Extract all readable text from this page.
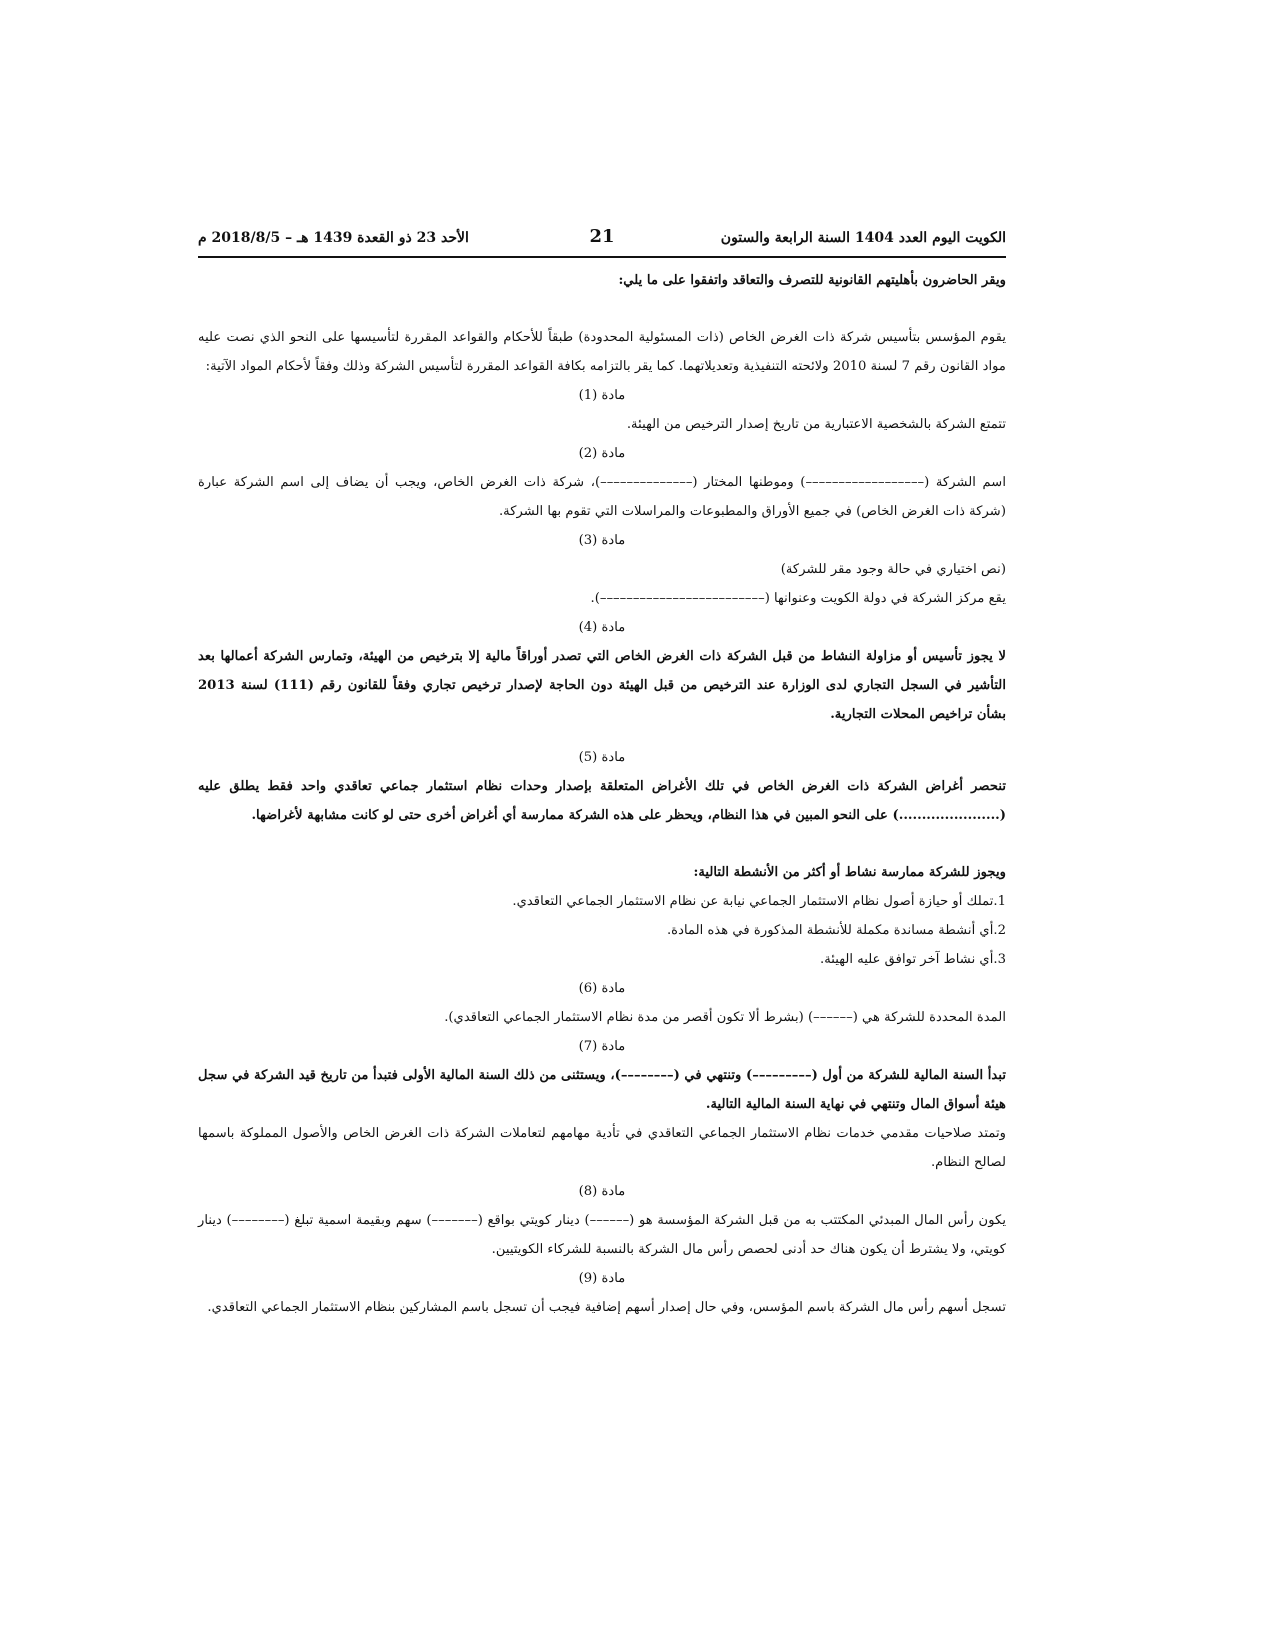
الكويت اليوم العدد 1404 السنة الرابعة والستون
21
الأحد 23 ذو القعدة 1439 هـ – 2018/8/5 م

ويقر الحاضرون بأهليتهم القانونية للتصرف والتعاقد واتفقوا على ما يلي:

يقوم المؤسس بتأسيس شركة ذات الغرض الخاص (ذات المسئولية المحدودة) طبقاً للأحكام والقواعد المقررة لتأسيسها على النحو الذي نصت عليه مواد القانون رقم 7 لسنة 2010 ولائحته التنفيذية وتعديلاتهما. كما يقر بالتزامه بكافة القواعد المقررة لتأسيس الشركة وذلك وفقاً لأحكام المواد الآتية:

مادة (1)

تتمتع الشركة بالشخصية الاعتبارية من تاريخ إصدار الترخيص من الهيئة.

مادة (2)

اسم الشركة (––––––––––––––––––) وموطنها المختار (––––––––––––––)، شركة ذات الغرض الخاص، ويجب أن يضاف إلى اسم الشركة عبارة (شركة ذات الغرض الخاص) في جميع الأوراق والمطبوعات والمراسلات التي تقوم بها الشركة.

مادة (3)

(نص اختياري في حالة وجود مقر للشركة)

يقع مركز الشركة في دولة الكويت وعنوانها (–––––––––––––––––––––––––).

مادة (4)

لا يجوز تأسيس أو مزاولة النشاط من قبل الشركة ذات الغرض الخاص التي تصدر أوراقاً مالية إلا بترخيص من الهيئة، وتمارس الشركة أعمالها بعد التأشير في السجل التجاري لدى الوزارة عند الترخيص من قبل الهيئة دون الحاجة لإصدار ترخيص تجاري وفقاً للقانون رقم (111) لسنة 2013 بشأن تراخيص المحلات التجارية.

مادة (5)

تنحصر أغراض الشركة ذات الغرض الخاص في تلك الأغراض المتعلقة بإصدار وحدات نظام استثمار جماعي تعاقدي واحد فقط يطلق عليه (......................) على النحو المبين في هذا النظام، ويحظر على هذه الشركة ممارسة أي أغراض أخرى حتى لو كانت مشابهة لأغراضها.

ويجوز للشركة ممارسة نشاط أو أكثر من الأنشطة التالية:

1.تملك أو حيازة أصول نظام الاستثمار الجماعي نيابة عن نظام الاستثمار الجماعي التعاقدي.

2.أي أنشطة مساندة مكملة للأنشطة المذكورة في هذه المادة.

3.أي نشاط آخر توافق عليه الهيئة.

مادة (6)

المدة المحددة للشركة هي (––––––) (بشرط ألا تكون أقصر من مدة نظام الاستثمار الجماعي التعاقدي).

مادة (7)

تبدأ السنة المالية للشركة من أول (–––––––––) وتنتهي في (––––––––)، ويستثنى من ذلك السنة المالية الأولى فتبدأ من تاريخ قيد الشركة في سجل هيئة أسواق المال وتنتهي في نهاية السنة المالية التالية.

وتمتد صلاحيات مقدمي خدمات نظام الاستثمار الجماعي التعاقدي في تأدية مهامهم لتعاملات الشركة ذات الغرض الخاص والأصول المملوكة باسمها لصالح النظام.

مادة (8)

يكون رأس المال المبدئي المكتتب به من قبل الشركة المؤسسة هو (––––––) دينار كويتي بواقع (–––––––) سهم وبقيمة اسمية تبلغ (––––––––) دينار كويتي، ولا يشترط أن يكون هناك حد أدنى لحصص رأس مال الشركة بالنسبة للشركاء الكويتيين.

مادة (9)

تسجل أسهم رأس مال الشركة باسم المؤسس، وفي حال إصدار أسهم إضافية فيجب أن تسجل باسم المشاركين بنظام الاستثمار الجماعي التعاقدي.
